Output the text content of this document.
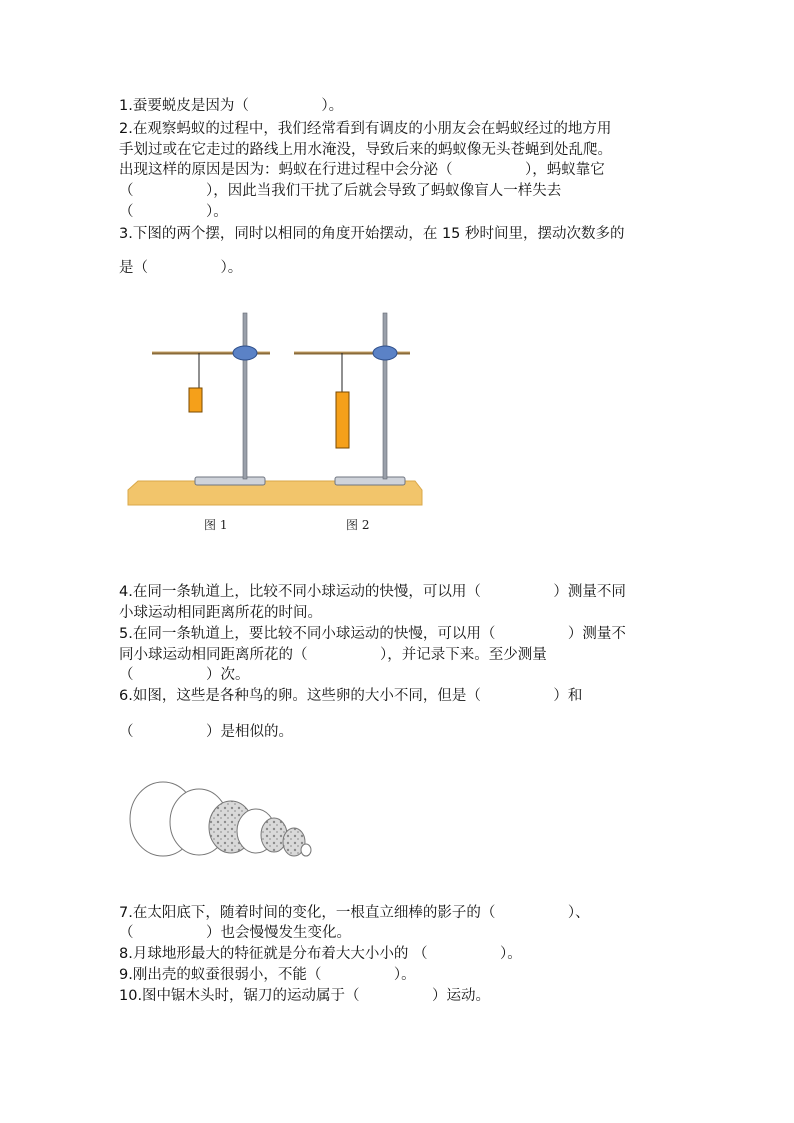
1.蚕要蜕皮是因为（　　　　　）。
2.在观察蚂蚁的过程中，我们经常看到有调皮的小朋友会在蚂蚁经过的地方用
手划过或在它走过的路线上用水淹没，导致后来的蚂蚁像无头苍蝇到处乱爬。
出现这样的原因是因为：蚂蚁在行进过程中会分泌（　　　　　），蚂蚁靠它
（　　　　　），因此当我们干扰了后就会导致了蚂蚁像盲人一样失去
（　　　　　）。
3.下图的两个摆，同时以相同的角度开始摆动，在 15 秒时间里，摆动次数多的
是（　　　　　）。
图 1	图 2
4.在同一条轨道上，比较不同小球运动的快慢，可以用（　　　　　）测量不同
小球运动相同距离所花的时间。
5.在同一条轨道上，要比较不同小球运动的快慢，可以用（　　　　　）测量不
同小球运动相同距离所花的（　　　　　），并记录下来。至少测量
（　　　　　）次。
6.如图，这些是各种鸟的卵。这些卵的大小不同，但是（　　　　　）和
（　　　　　）是相似的。
7.在太阳底下，随着时间的变化，一根直立细棒的影子的（　　　　　）、
（　　　　　）也会慢慢发生变化。
8.月球地形最大的特征就是分布着大大小小的 （　　　　　）。
9.刚出壳的蚁蚕很弱小，不能（　　　　　）。
10.图中锯木头时，锯刀的运动属于（　　　　　）运动。
